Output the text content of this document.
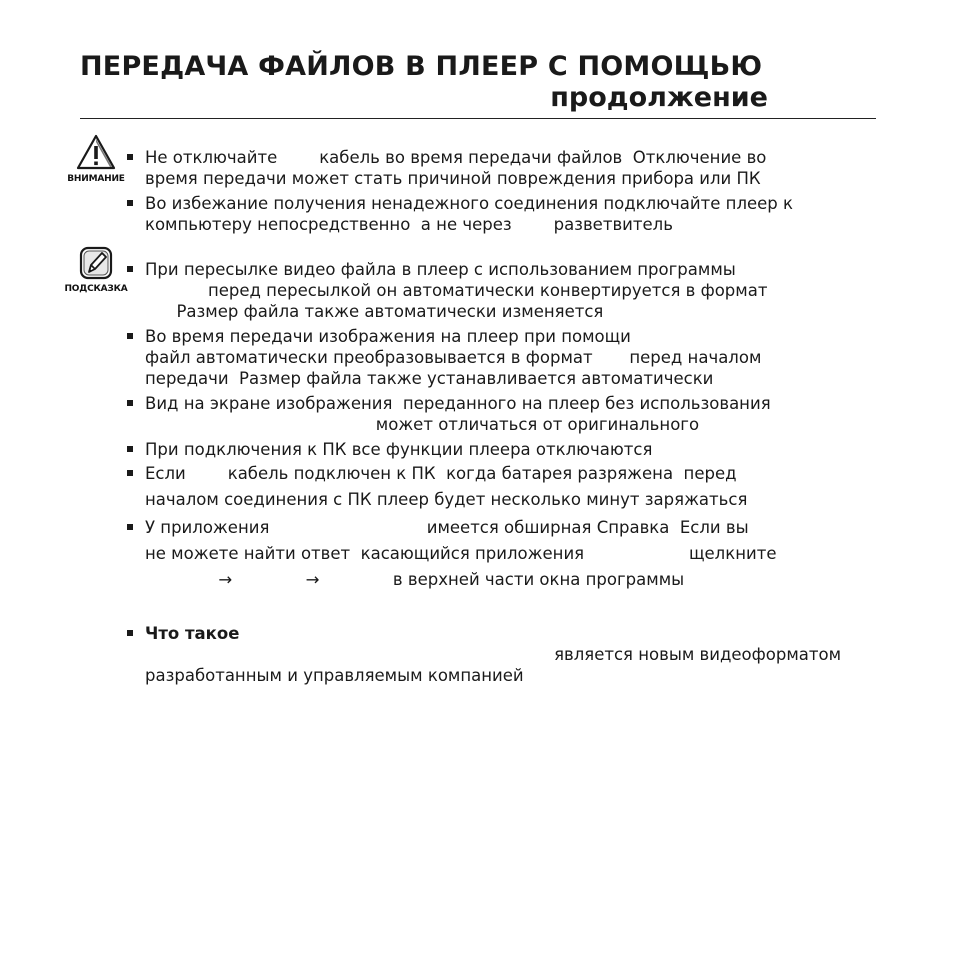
ПЕРЕДАЧА ФАЙЛОВ В ПЛЕЕР С ПОМОЩЬЮ
продолжение
ВНИМАНИЕ
ПОДСКАЗКА
Не отключайте        кабель во время передачи файлов  Отключение во
время передачи может стать причиной повреждения прибора или ПК
Во избежание получения ненадежного соединения подключайте плеер к
компьютеру непосредственно  а не через        разветвитель
При пересылке видео файла в плеер с использованием программы
перед пересылкой он автоматически конвертируется в формат
Размер файла также автоматически изменяется
Во время передачи изображения на плеер при помощи
файл автоматически преобразовывается в формат       перед началом
передачи  Размер файла также устанавливается автоматически
Вид на экране изображения  переданного на плеер без использования
может отличаться от оригинального
При подключения к ПК все функции плеера отключаются
Если        кабель подключен к ПК  когда батарея разряжена  перед
началом соединения с ПК плеер будет несколько минут заряжаться
У приложения                              имеется обширная Справка  Если вы
не можете найти ответ  касающийся приложения                    щелкните
→              →              в верхней части окна программы
Что такое
является новым видеоформатом
разработанным и управляемым компанией
